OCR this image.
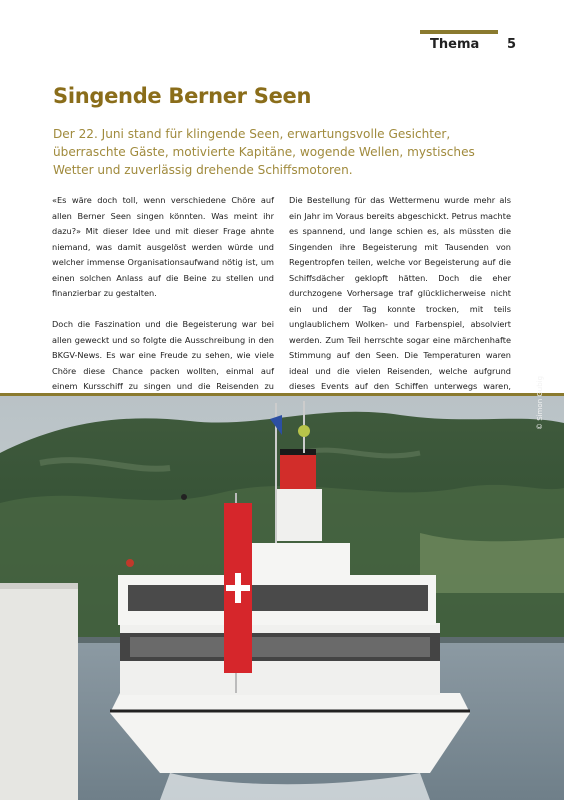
Thema 5
Singende Berner Seen

Der 22. Juni stand für klingende Seen, erwartungsvolle Gesichter, überraschte Gäste, motivierte Kapitäne, wogende Wellen, mystisches Wetter und zuverlässig drehende Schiffsmotoren.

«Es wäre doch toll, wenn verschiedene Chöre auf allen Berner Seen singen könnten. Was meint ihr dazu?» Mit dieser Idee und mit dieser Frage ahnte niemand, was damit ausgelöst werden würde und welcher immense Organisationsaufwand nötig ist, um einen solchen Anlass auf die Beine zu stellen und finanzierbar zu gestalten.

Doch die Faszination und die Begeisterung war bei allen geweckt und so folgte die Ausschreibung in den BKGV-News. Es war eine Freude zu sehen, wie viele Chöre diese Chance packen wollten, einmal auf einem Kursschiff zu singen und die Reisenden zu

Die Bestellung für das Wettermenu wurde mehr als ein Jahr im Voraus bereits abgeschickt. Petrus machte es spannend, und lange schien es, als müssten die Singenden ihre Begeisterung mit Tausenden von Regentropfen teilen, welche vor Begeisterung auf die Schiffsdächer geklopft hätten. Doch die eher durchzogene Vorhersage traf glücklicherweise nicht ein und der Tag konnte trocken, mit teils unglaublichem Wolken- und Farbenspiel, absolviert werden. Zum Teil herrschte sogar eine märchenhafte Stimmung auf den Seen. Die Temperaturen waren ideal und die vielen Reisenden, welche aufgrund dieses Events auf den Schiffen unterwegs waren,	© Simon Gubig
